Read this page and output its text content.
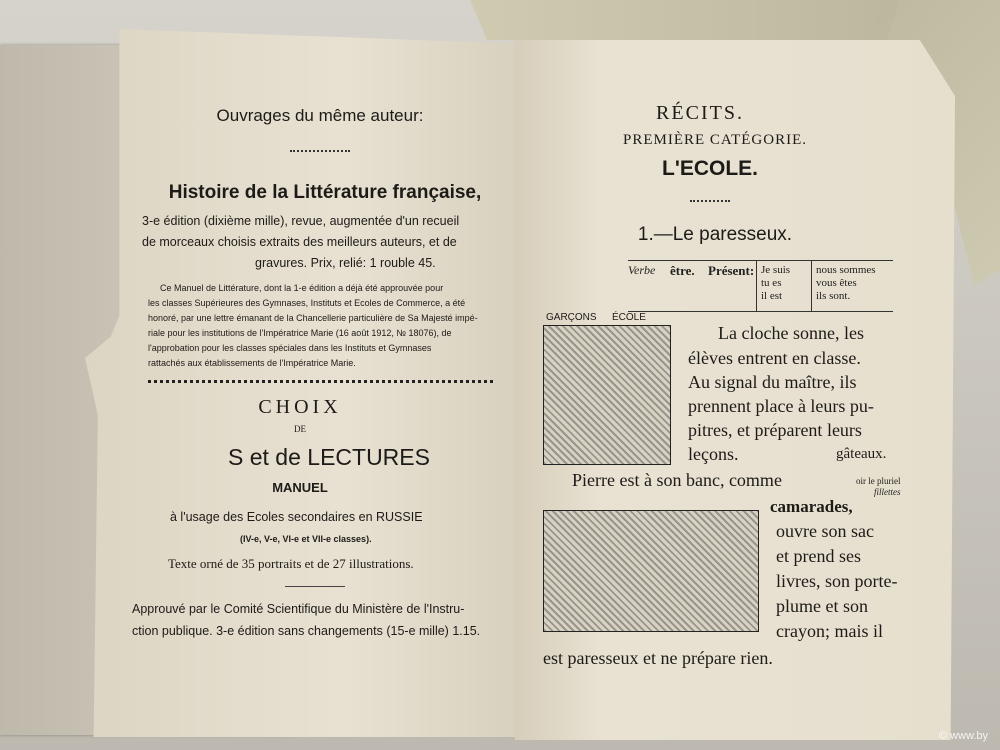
Ouvrages du même auteur:
Histoire de la Littérature française,
3-e édition (dixième mille), revue, augmentée d'un recueil
de morceaux choisis extraits des meilleurs auteurs, et de
gravures. Prix, relié: 1 rouble 45.
Ce Manuel de Littérature, dont la 1-e édition a déjà été approuvée pour
les classes Supérieures des Gymnases, Instituts et Ecoles de Commerce, a été
honoré, par une lettre émanant de la Chancellerie particulière de Sa Majesté impé-
riale pour les institutions de l'Impératrice Marie (16 août 1912, № 18076), de
l'approbation pour les classes spéciales dans les Instituts et Gymnases
rattachés aux établissements de l'Impératrice Marie.
CHOIX
DE
S et de LECTURES
MANUEL
à l'usage des Ecoles secondaires en RUSSIE
(IV-e, V-e, VI-e et VII-e classes).
Texte orné de 35 portraits et de 27 illustrations.
Approuvé par le Comité Scientifique du Ministère de l'Instru-
ction publique. 3-e édition sans changements (15-e mille) 1.15.
RÉCITS.
PREMIÈRE CATÉGORIE.
L'ECOLE.
1.—Le paresseux.
Verbe être. Présent: Je suis
tu es
il est
nous sommes
vous êtes
ils sont.
GARÇONS ÉCOLE
La cloche sonne, les
élèves entrent en classe.
Au signal du maître, ils
prennent place à leurs pu-
pitres, et préparent leurs
leçons.	gâteaux.
Pierre est à son banc, comme	oir le pluriel
fillettes
camarades,
ouvre son sac
et prend ses
livres, son porte-
plume et son
crayon; mais il
est paresseux et ne prépare rien.
© www.by
